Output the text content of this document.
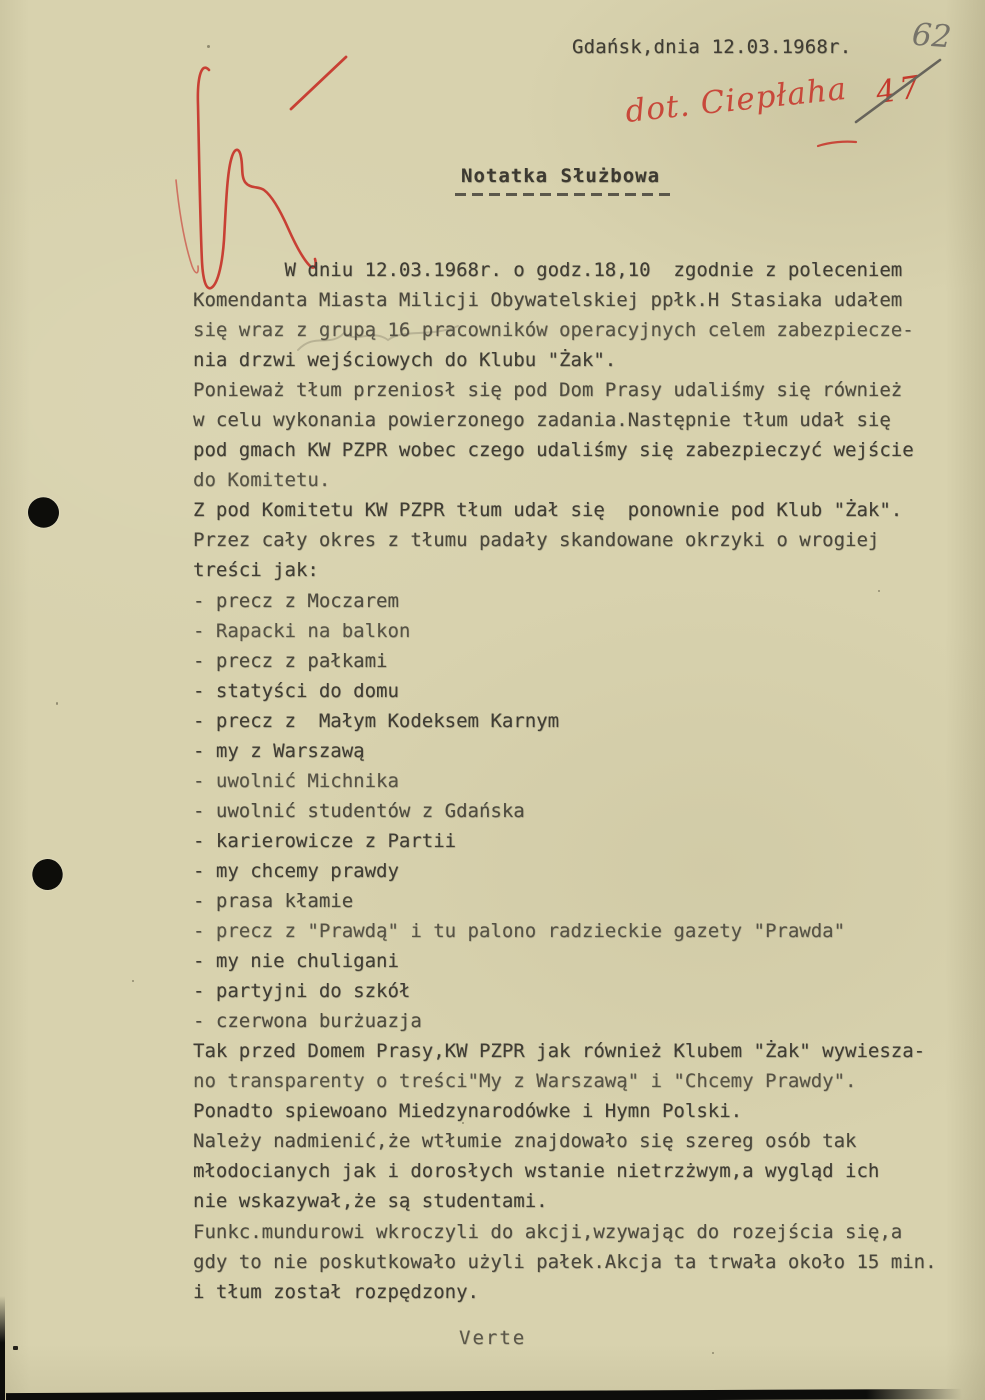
Gdańsk,dnia 12.03.1968r. 62
47
dot. Ciepłaha
Notatka Służbowa
W dniu 12.03.1968r. o godz.18,10  zgodnie z poleceniem
Komendanta Miasta Milicji Obywatelskiej ppłk.H Stasiaka udałem
się wraz z grupą 16 pracowników operacyjnych celem zabezpiecze-
nia drzwi wejściowych do Klubu "Żak".
Ponieważ tłum przeniosł się pod Dom Prasy udaliśmy się również
w celu wykonania powierzonego zadania.Następnie tłum udał się
pod gmach KW PZPR wobec czego udaliśmy się zabezpieczyć wejście
do Komitetu.
Z pod Komitetu KW PZPR tłum udał się  ponownie pod Klub "Żak".
Przez cały okres z tłumu padały skandowane okrzyki o wrogiej
treści jak:
- precz z Moczarem
- Rapacki na balkon
- precz z pałkami
- statyści do domu
- precz z  Małym Kodeksem Karnym
- my z Warszawą
- uwolnić Michnika
- uwolnić studentów z Gdańska
- karierowicze z Partii
- my chcemy prawdy
- prasa kłamie
- precz z "Prawdą" i tu palono radzieckie gazety "Prawda"
- my nie chuligani
- partyjni do szkół
- czerwona burżuazja
Tak przed Domem Prasy,KW PZPR jak również Klubem "Żak" wywiesza-
no transparenty o treści"My z Warszawą" i "Chcemy Prawdy".
Ponadto spiewoano Miedzynarodówke i Hymn Polski.
Należy nadmienić,że wtłumie znajdowało się szereg osób tak
młodocianych jak i dorosłych wstanie nietrzżwym,a wygląd ich
nie wskazywał,że są studentami.
Funkc.mundurowi wkroczyli do akcji,wzywając do rozejścia się,a
gdy to nie poskutkowało użyli pałek.Akcja ta trwała około 15 min.
i tłum został rozpędzony.
Verte
